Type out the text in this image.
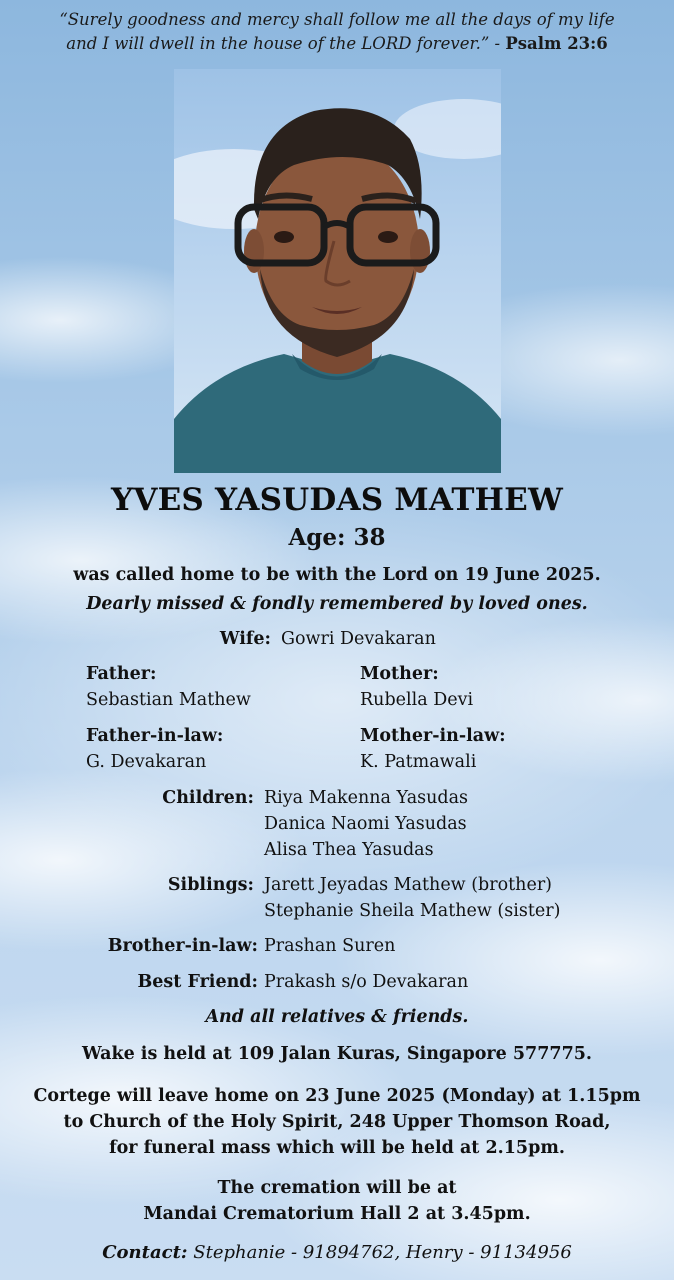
“Surely goodness and mercy shall follow me all the days of my life
and I will dwell in the house of the LORD forever.” - Psalm 23:6
YVES YASUDAS MATHEW
Age: 38
was called home to be with the Lord on 19 June 2025.
Dearly missed & fondly remembered by loved ones.
Wife: Gowri Devakaran
Father:
Sebastian Mathew
Mother:
Rubella Devi
Father-in-law:
G. Devakaran
Mother-in-law:
K. Patmawali
Children: Riya Makenna Yasudas
Danica Naomi Yasudas
Alisa Thea Yasudas
Siblings: Jarett Jeyadas Mathew (brother)
Stephanie Sheila Mathew (sister)
Brother-in-law: Prashan Suren
Best Friend: Prakash s/o Devakaran
And all relatives & friends.
Wake is held at 109 Jalan Kuras, Singapore 577775.
Cortege will leave home on 23 June 2025 (Monday) at 1.15pm
to Church of the Holy Spirit, 248 Upper Thomson Road,
for funeral mass which will be held at 2.15pm.
The cremation will be at
Mandai Crematorium Hall 2 at 3.45pm.
Contact: Stephanie - 91894762, Henry - 91134956
